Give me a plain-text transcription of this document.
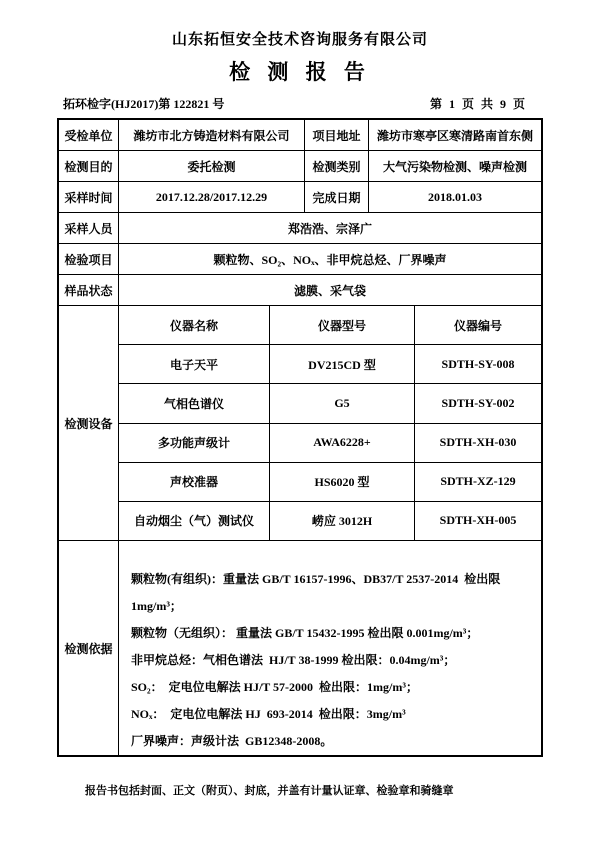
山东拓恒安全技术咨询服务有限公司
检 测 报 告
拓环检字(HJ2017)第 122821 号	第 1 页 共 9 页
受检单位	潍坊市北方铸造材料有限公司	项目地址	潍坊市寒亭区寒清路南首东侧
检测目的	委托检测	检测类别	大气污染物检测、噪声检测
采样时间	2017.12.28/2017.12.29	完成日期	2018.01.03
采样人员	郑浩浩、宗泽广
检验项目	颗粒物、SO₂、NOₓ、非甲烷总烃、厂界噪声
样品状态	滤膜、采气袋
检测设备
仪器名称	仪器型号	仪器编号
电子天平	DV215CD 型	SDTH-SY-008
气相色谱仪	G5	SDTH-SY-002
多功能声级计	AWA6228+	SDTH-XH-030
声校准器	HS6020 型	SDTH-XZ-129
自动烟尘（气）测试仪	崂应 3012H	SDTH-XH-005
检测依据
颗粒物(有组织)：重量法 GB/T 16157-1996、DB37/T 2537-2014  检出限 1mg/m³；
颗粒物（无组织）： 重量法 GB/T 15432-1995 检出限 0.001mg/m³；
非甲烷总烃：气相色谱法  HJ/T 38-1999 检出限：0.04mg/m³；
SO₂：  定电位电解法 HJ/T 57-2000  检出限：1mg/m³；
NOₓ：  定电位电解法 HJ  693-2014  检出限：3mg/m³
厂界噪声：声级计法  GB12348-2008。
报告书包括封面、正文（附页）、封底，并盖有计量认证章、检验章和骑缝章
